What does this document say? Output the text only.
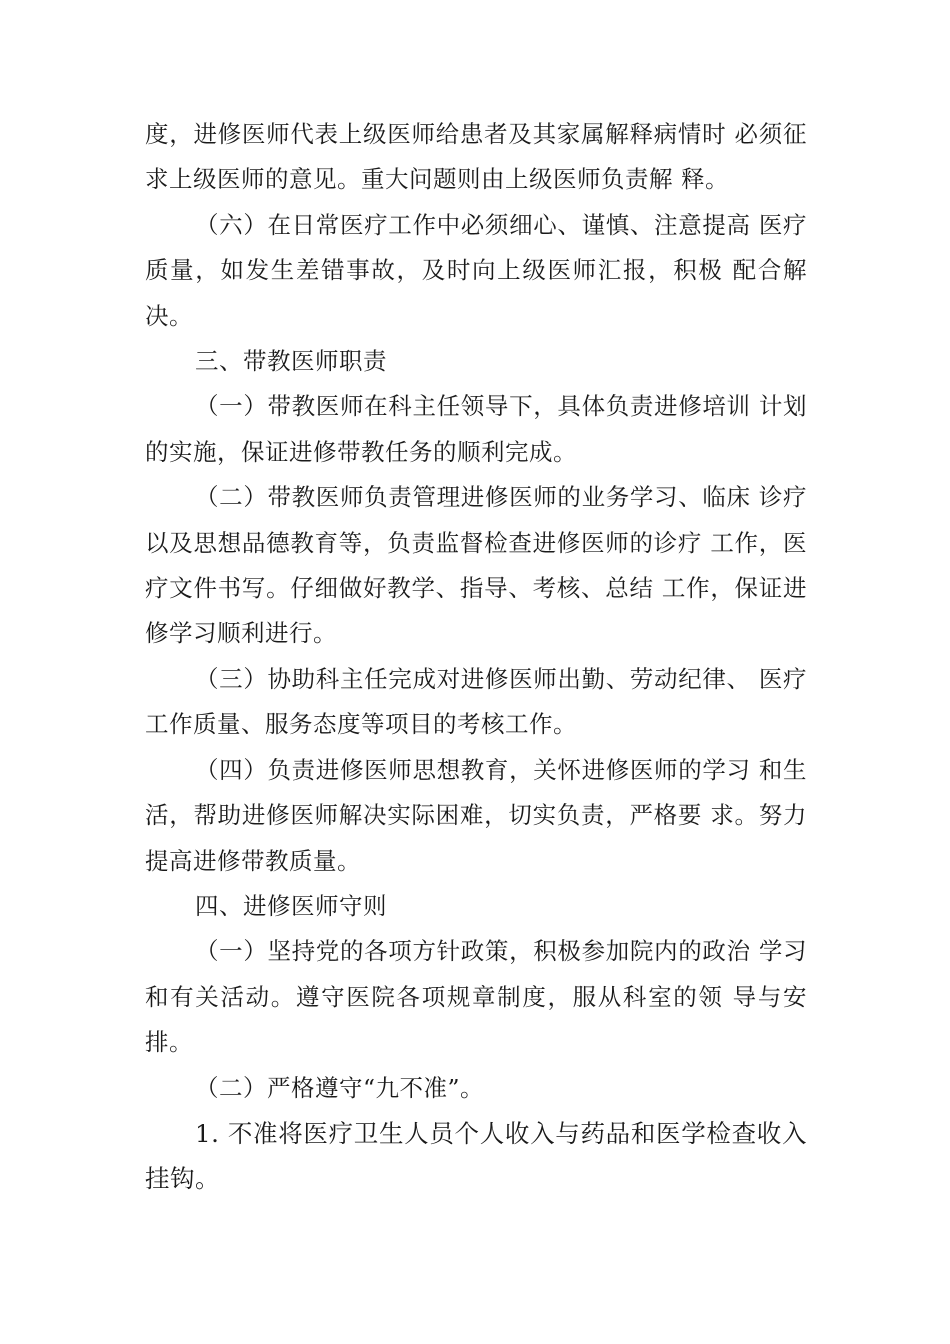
度，进修医师代表上级医师给患者及其家属解释病情时 必须征求上级医师的意见。重大问题则由上级医师负责解 释。

（六）在日常医疗工作中必须细心、谨慎、注意提高 医疗质量，如发生差错事故，及时向上级医师汇报，积极 配合解决。

三、带教医师职责

（一）带教医师在科主任领导下，具体负责进修培训 计划的实施，保证进修带教任务的顺利完成。

（二）带教医师负责管理进修医师的业务学习、临床 诊疗以及思想品德教育等，负责监督检查进修医师的诊疗 工作，医疗文件书写。仔细做好教学、指导、考核、总结 工作，保证进修学习顺利进行。

（三）协助科主任完成对进修医师出勤、劳动纪律、 医疗工作质量、服务态度等项目的考核工作。

（四）负责进修医师思想教育，关怀进修医师的学习 和生活，帮助进修医师解决实际困难，切实负责，严格要 求。努力提高进修带教质量。

四、进修医师守则

（一）坚持党的各项方针政策，积极参加院内的政治 学习和有关活动。遵守医院各项规章制度，服从科室的领 导与安排。

（二）严格遵守“九不准”。

1. 不准将医疗卫生人员个人收入与药品和医学检查收入挂钩。
